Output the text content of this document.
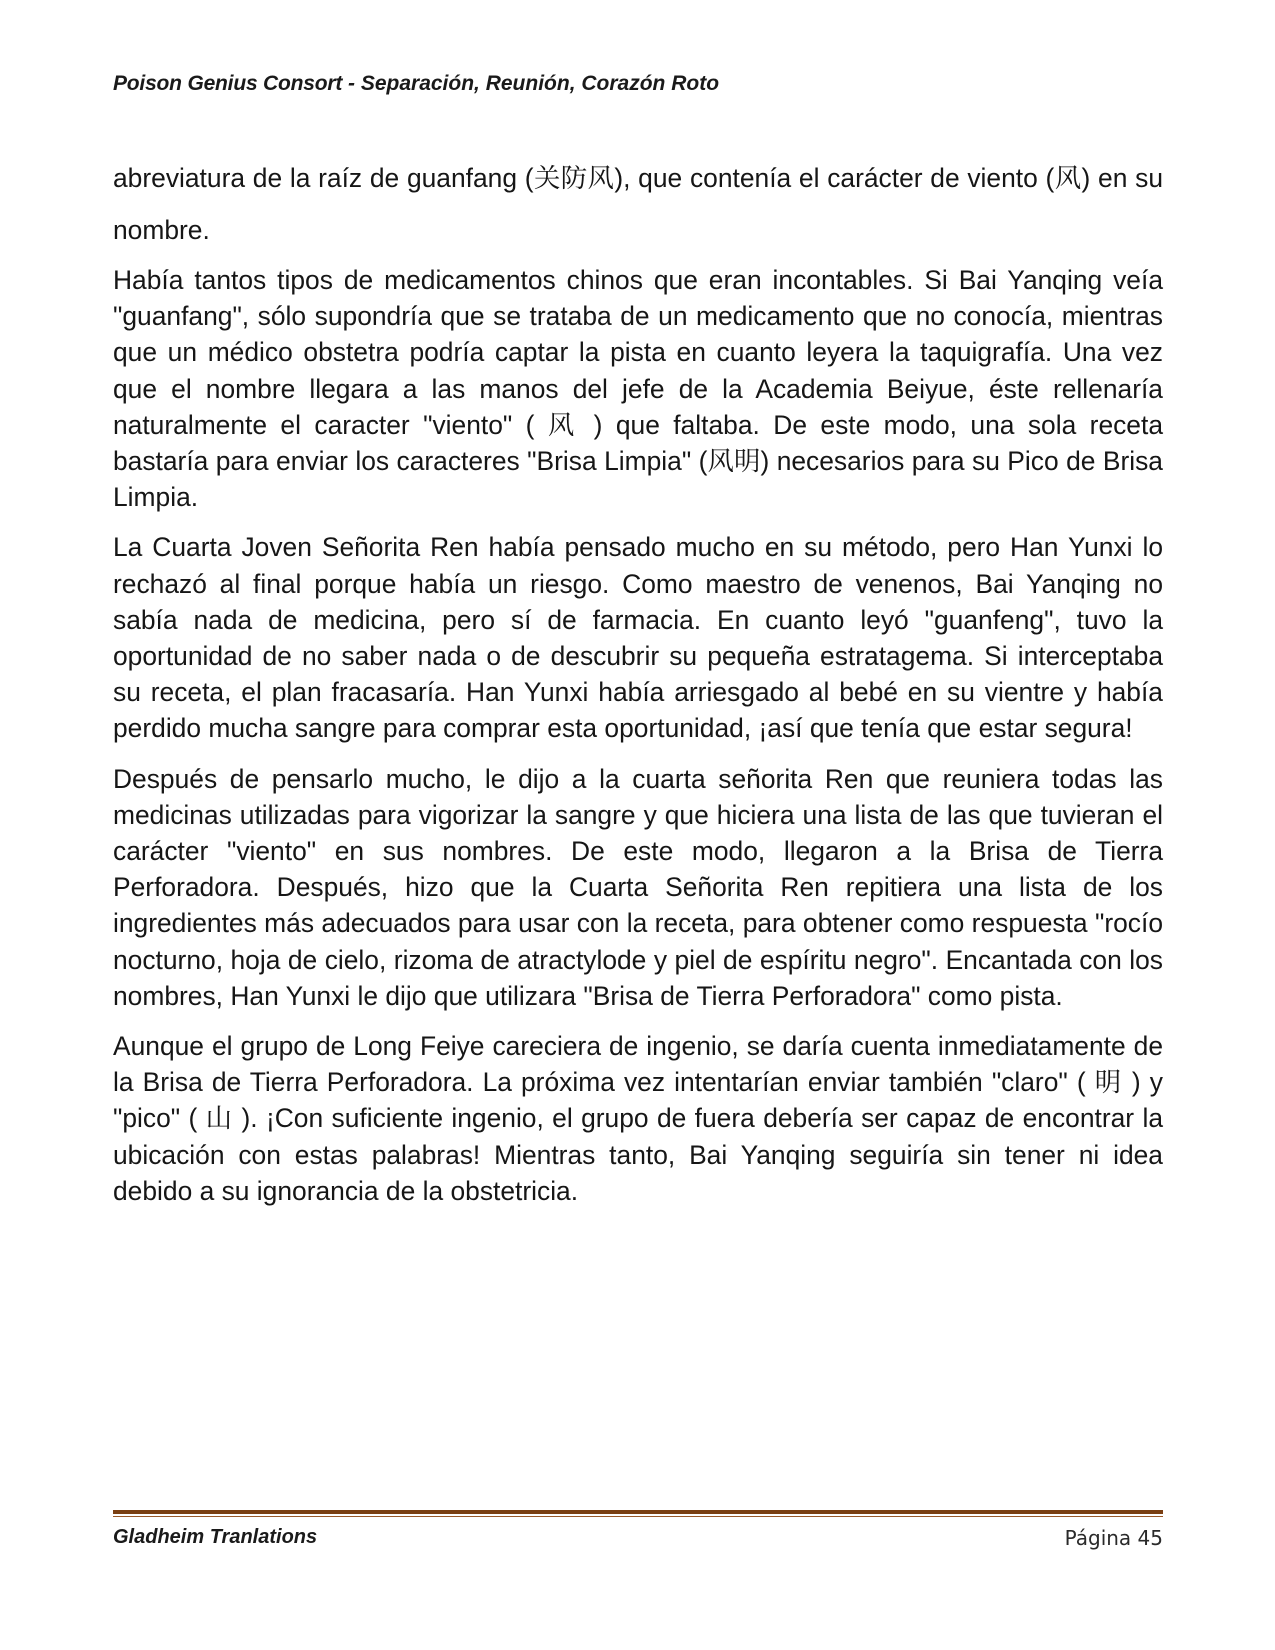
Poison Genius Consort - Separación, Reunión, Corazón Roto

abreviatura de la raíz de guanfang (关防风), que contenía el carácter de viento (风) en su nombre.

Había tantos tipos de medicamentos chinos que eran incontables. Si Bai Yanqing veía "guanfang", sólo supondría que se trataba de un medicamento que no conocía, mientras que un médico obstetra podría captar la pista en cuanto leyera la taquigrafía. Una vez que el nombre llegara a las manos del jefe de la Academia Beiyue, éste rellenaría naturalmente el caracter "viento" ( 风 ) que faltaba. De este modo, una sola receta bastaría para enviar los caracteres "Brisa Limpia" (风明) necesarios para su Pico de Brisa Limpia.

La Cuarta Joven Señorita Ren había pensado mucho en su método, pero Han Yunxi lo rechazó al final porque había un riesgo. Como maestro de venenos, Bai Yanqing no sabía nada de medicina, pero sí de farmacia. En cuanto leyó "guanfeng", tuvo la oportunidad de no saber nada o de descubrir su pequeña estratagema. Si interceptaba su receta, el plan fracasaría. Han Yunxi había arriesgado al bebé en su vientre y había perdido mucha sangre para comprar esta oportunidad, ¡así que tenía que estar segura!

Después de pensarlo mucho, le dijo a la cuarta señorita Ren que reuniera todas las medicinas utilizadas para vigorizar la sangre y que hiciera una lista de las que tuvieran el carácter "viento" en sus nombres. De este modo, llegaron a la Brisa de Tierra Perforadora. Después, hizo que la Cuarta Señorita Ren repitiera una lista de los ingredientes más adecuados para usar con la receta, para obtener como respuesta "rocío nocturno, hoja de cielo, rizoma de atractylode y piel de espíritu negro". Encantada con los nombres, Han Yunxi le dijo que utilizara "Brisa de Tierra Perforadora" como pista.

Aunque el grupo de Long Feiye careciera de ingenio, se daría cuenta inmediatamente de la Brisa de Tierra Perforadora. La próxima vez intentarían enviar también "claro" ( 明 ) y "pico" ( 山 ). ¡Con suficiente ingenio, el grupo de fuera debería ser capaz de encontrar la ubicación con estas palabras! Mientras tanto, Bai Yanqing seguiría sin tener ni idea debido a su ignorancia de la obstetricia.

Gladheim Tranlations	Página 45
